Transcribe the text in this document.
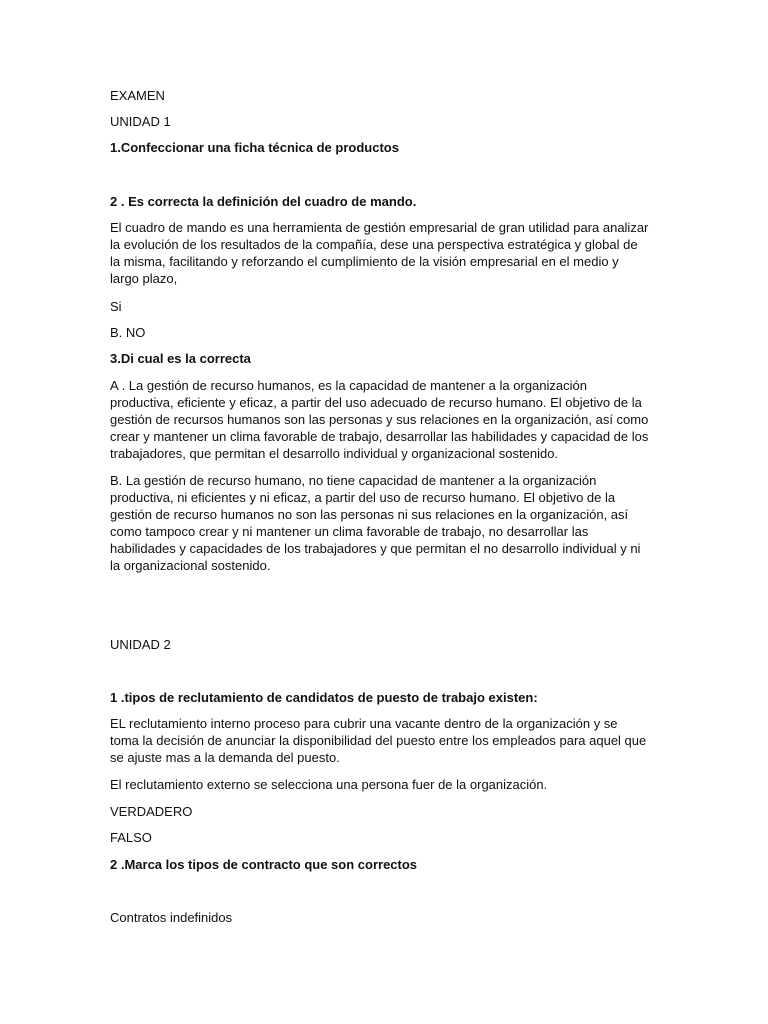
EXAMEN

UNIDAD 1

1.Confeccionar una ficha técnica de productos

2 . Es correcta la definición del cuadro de mando.

El cuadro de mando es una herramienta de gestión empresarial de gran utilidad para analizar la evolución de los resultados de la compañía, dese una perspectiva estratégica y global de la misma, facilitando y reforzando el cumplimiento de la visión empresarial en el medio y largo plazo,

Si

B. NO

3.Di cual es la correcta

A . La gestión de recurso humanos, es la capacidad de mantener a la organización productiva, eficiente y eficaz, a partir del uso adecuado de recurso humano. El objetivo de la gestión de recursos humanos son las personas y sus relaciones en la organización, así como crear y mantener un clima favorable de trabajo, desarrollar las habilidades y capacidad de los trabajadores, que permitan el desarrollo individual y organizacional sostenido.

B. La gestión de recurso humano, no tiene capacidad de mantener a la organización productiva, ni eficientes y ni eficaz, a partir del uso de recurso humano. El objetivo de la gestión de recurso humanos no son las personas ni sus relaciones en la organización, así como tampoco crear y ni mantener un clima favorable de trabajo, no desarrollar las habilidades y capacidades de los trabajadores y que permitan el no desarrollo individual y ni la organizacional sostenido.

UNIDAD 2

1 .tipos de reclutamiento de candidatos de puesto de trabajo existen:

EL reclutamiento interno proceso para cubrir una vacante dentro de la organización y se toma la decisión de anunciar la disponibilidad del puesto entre los empleados para aquel que se ajuste mas a la demanda del puesto.

El reclutamiento externo se selecciona una persona fuer de la organización.

VERDADERO

FALSO

2 .Marca los tipos de contracto que son correctos

Contratos indefinidos
